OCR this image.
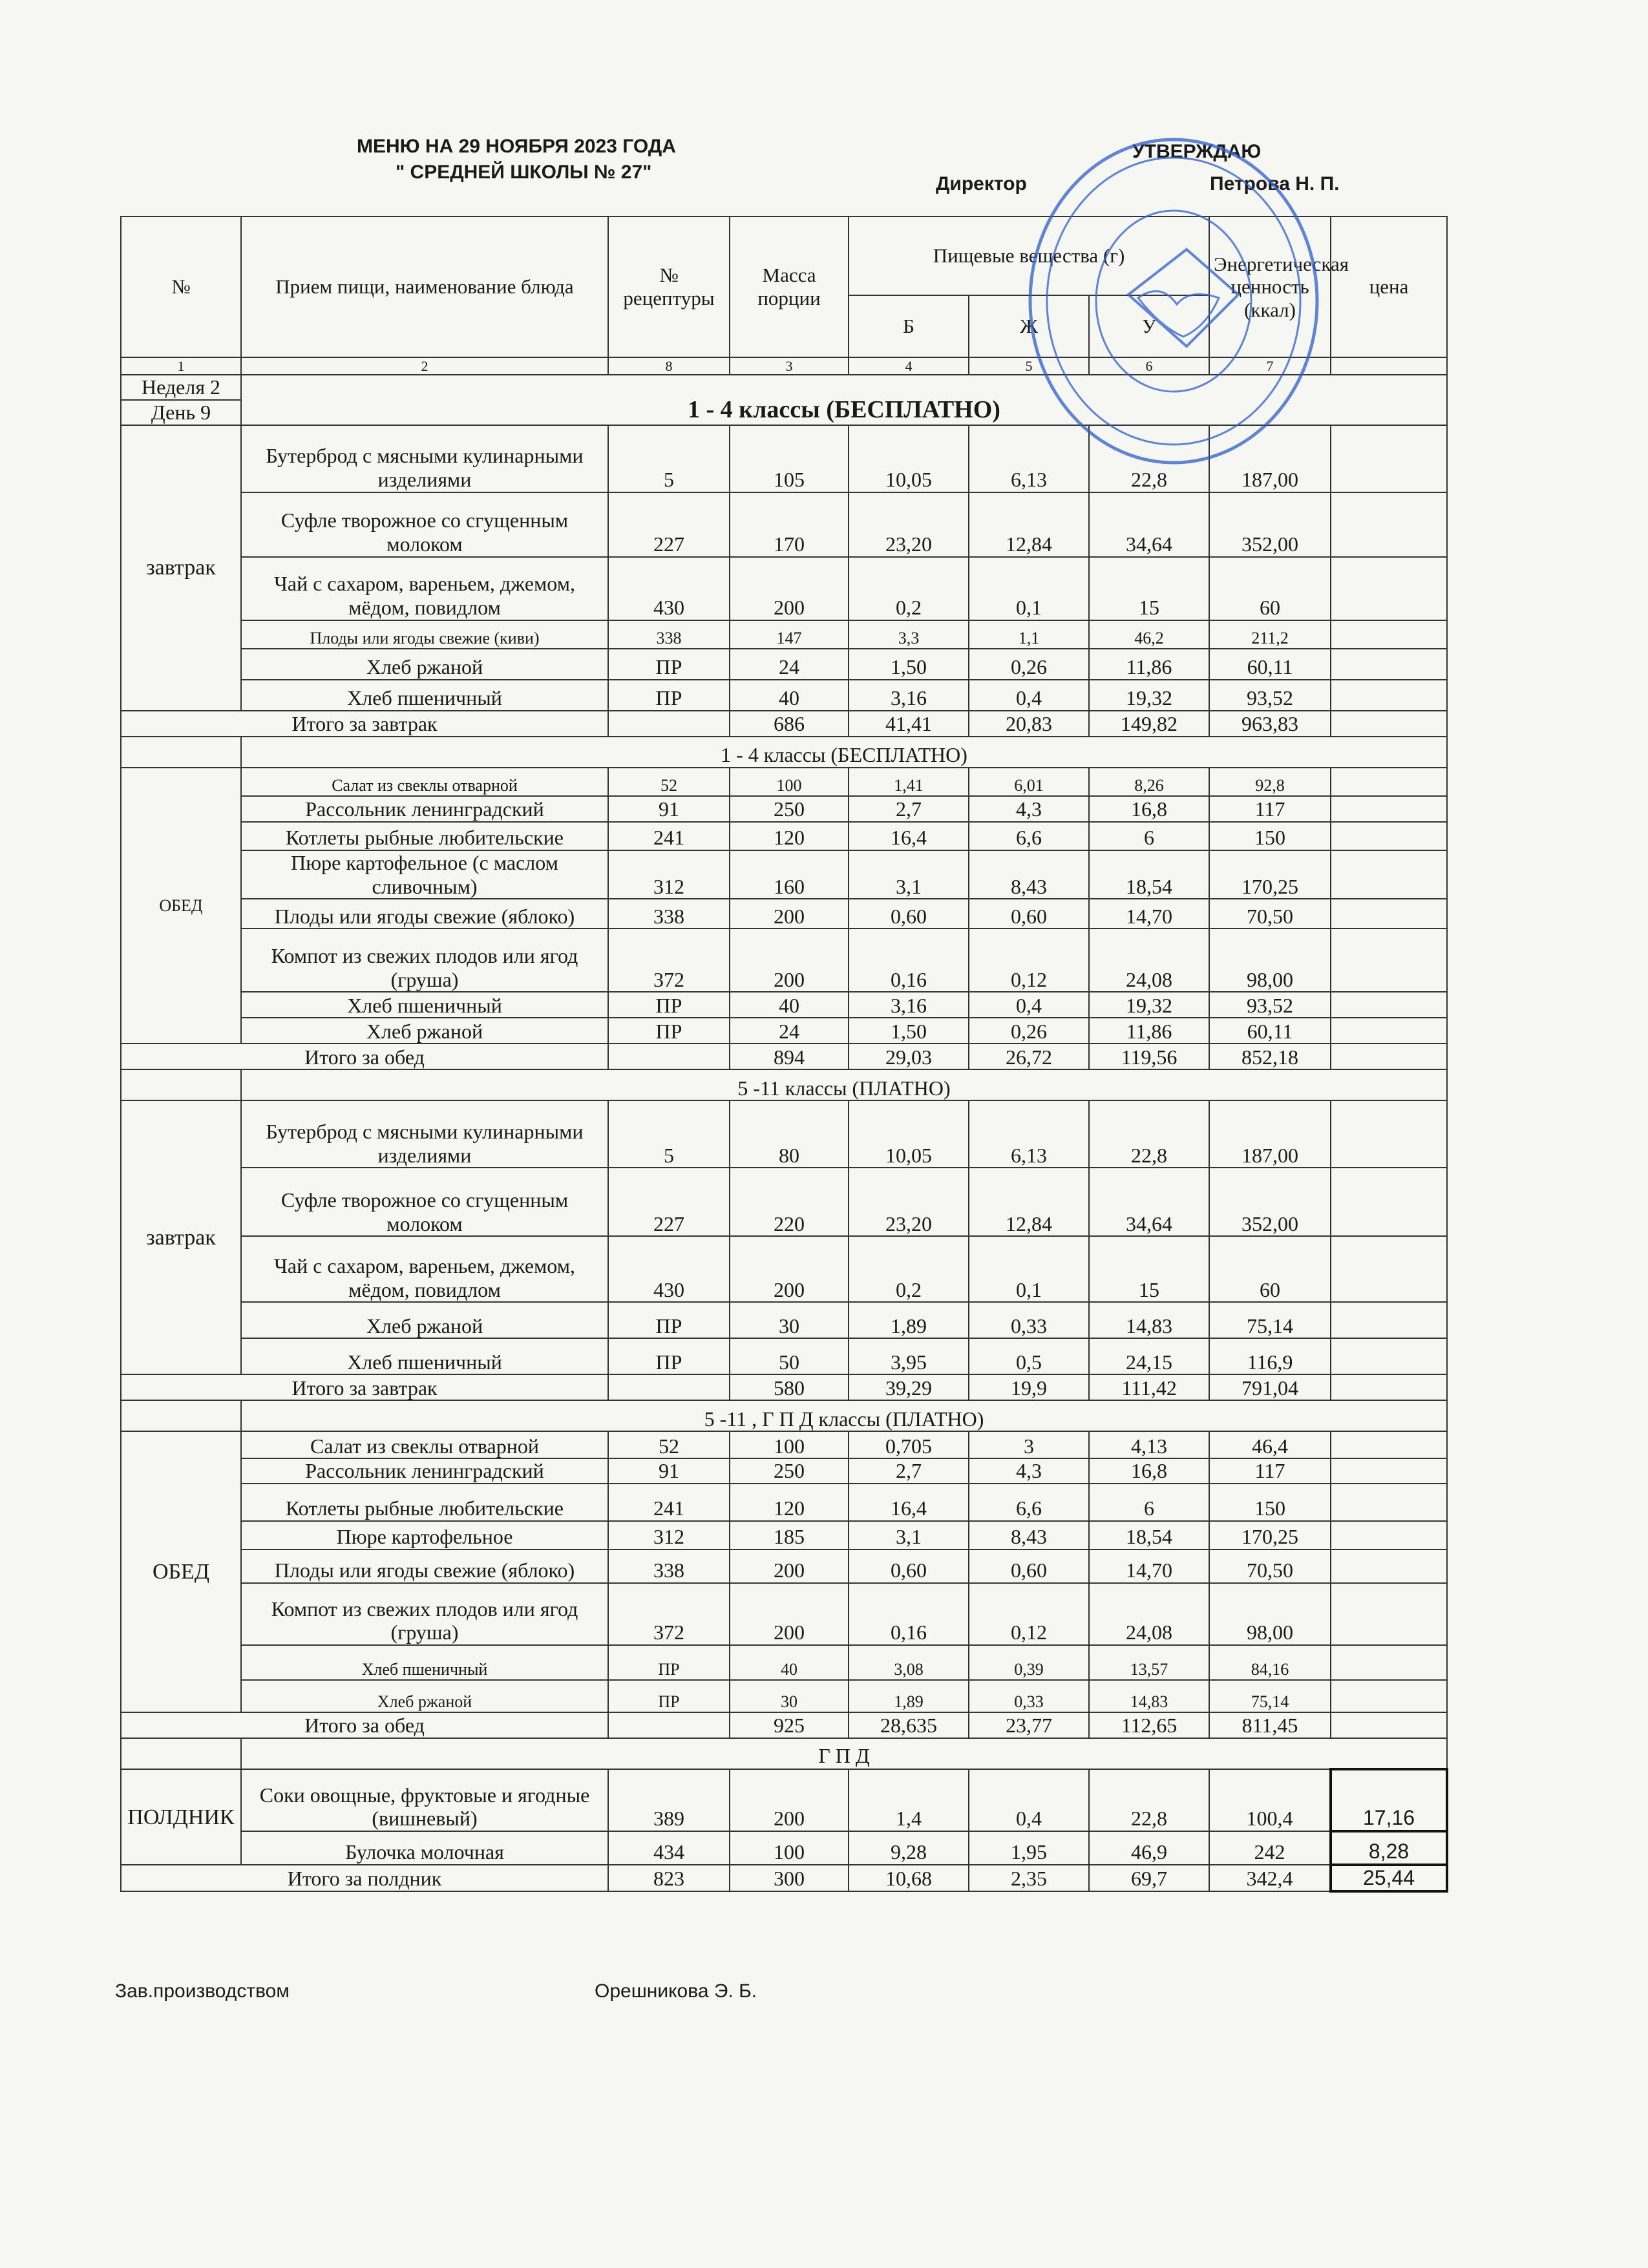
МЕНЮ НА 29 НОЯБРЯ 2023 ГОДА
" СРЕДНЕЙ ШКОЛЫ № 27"
УТВЕРЖДАЮ
Директор	Петрова Н. П.
№	Прием пищи, наименование блюда	№ рецептуры	Масса порции	Пищевые вещества (г)			Энергетическая ценность (ккал)	цена
				Б	Ж	У		
1	2	8	3	4	5	6	7	
Неделя 2	1 - 4 классы (БЕСПЛАТНО)							
День 9								
завтрак	Бутерброд с мясными кулинарными изделиями	5	105	10,05	6,13	22,8	187,00	
	Суфле творожное со сгущенным молоком	227	170	23,20	12,84	34,64	352,00	
	Чай с сахаром, вареньем, джемом, мёдом, повидлом	430	200	0,2	0,1	15	60	
	Плоды или ягоды свежие (киви)	338	147	3,3	1,1	46,2	211,2	
	Хлеб ржаной	ПР	24	1,50	0,26	11,86	60,11	
	Хлеб пшеничный	ПР	40	3,16	0,4	19,32	93,52	
Итого за завтрак			686	41,41	20,83	149,82	963,83	
	1 - 4 классы (БЕСПЛАТНО)							
ОБЕД	Салат из свеклы отварной	52	100	1,41	6,01	8,26	92,8	
	Рассольник ленинградский	91	250	2,7	4,3	16,8	117	
	Котлеты рыбные любительские	241	120	16,4	6,6	6	150	
	Пюре картофельное (с маслом сливочным)	312	160	3,1	8,43	18,54	170,25	
	Плоды или ягоды свежие (яблоко)	338	200	0,60	0,60	14,70	70,50	
	Компот из свежих плодов или ягод (груша)	372	200	0,16	0,12	24,08	98,00	
	Хлеб пшеничный	ПР	40	3,16	0,4	19,32	93,52	
	Хлеб ржаной	ПР	24	1,50	0,26	11,86	60,11	
Итого за обед			894	29,03	26,72	119,56	852,18	
	5 -11 классы (ПЛАТНО)							
завтрак	Бутерброд с мясными кулинарными изделиями	5	80	10,05	6,13	22,8	187,00	
	Суфле творожное со сгущенным молоком	227	220	23,20	12,84	34,64	352,00	
	Чай с сахаром, вареньем, джемом, мёдом, повидлом	430	200	0,2	0,1	15	60	
	Хлеб ржаной	ПР	30	1,89	0,33	14,83	75,14	
	Хлеб пшеничный	ПР	50	3,95	0,5	24,15	116,9	
Итого за завтрак			580	39,29	19,9	111,42	791,04	
	5 -11 , Г П Д классы (ПЛАТНО)							
ОБЕД	Салат из свеклы отварной	52	100	0,705	3	4,13	46,4	
	Рассольник ленинградский	91	250	2,7	4,3	16,8	117	
	Котлеты рыбные любительские	241	120	16,4	6,6	6	150	
	Пюре картофельное	312	185	3,1	8,43	18,54	170,25	
	Плоды или ягоды свежие (яблоко)	338	200	0,60	0,60	14,70	70,50	
	Компот из свежих плодов или ягод (груша)	372	200	0,16	0,12	24,08	98,00	
	Хлеб пшеничный	ПР	40	3,08	0,39	13,57	84,16	
	Хлеб ржаной	ПР	30	1,89	0,33	14,83	75,14	
Итого за обед			925	28,635	23,77	112,65	811,45	
	Г П Д							
ПОЛДНИК	Соки овощные, фруктовые и ягодные (вишневый)	389	200	1,4	0,4	22,8	100,4	17,16
	Булочка молочная	434	100	9,28	1,95	46,9	242	8,28
Итого за полдник		823	300	10,68	2,35	69,7	342,4	25,44
Зав.производством	Орешникова Э. Б.
